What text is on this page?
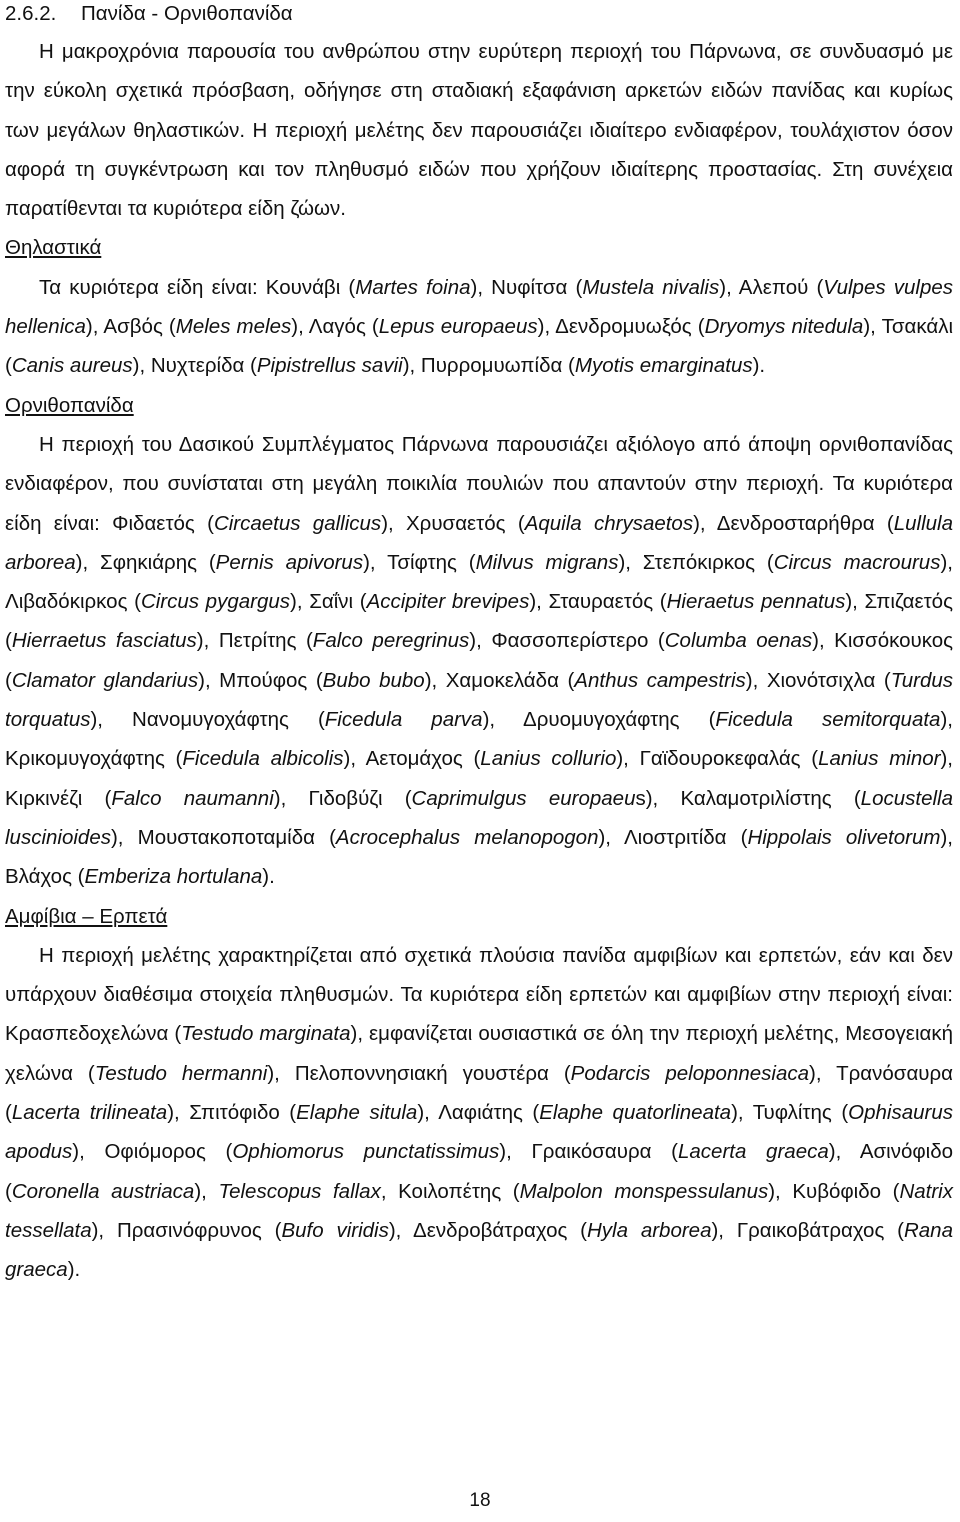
2.6.2. Πανίδα - Ορνιθοπανίδα

Η μακροχρόνια παρουσία του ανθρώπου στην ευρύτερη περιοχή του Πάρνωνα, σε συνδυασμό με την εύκολη σχετικά πρόσβαση, οδήγησε στη σταδιακή εξαφάνιση αρκετών ειδών πανίδας και κυρίως των μεγάλων θηλαστικών. Η περιοχή μελέτης δεν παρουσιάζει ιδιαίτερο ενδιαφέρον, τουλάχιστον όσον αφορά τη συγκέντρωση και τον πληθυσμό ειδών που χρήζουν ιδιαίτερης προστασίας. Στη συνέχεια παρατίθενται τα κυριότερα είδη ζώων.

Θηλαστικά

Τα κυριότερα είδη είναι: Κουνάβι (Martes foina), Νυφίτσα (Mustela nivalis), Αλεπού (Vulpes vulpes hellenica), Ασβός (Meles meles), Λαγός (Lepus europaeus), Δενδρομυωξός (Dryomys nitedula), Τσακάλι (Canis aureus), Νυχτερίδα (Pipistrellus savii), Πυρρομυωπίδα (Myotis emarginatus).

Ορνιθοπανίδα

Η περιοχή του Δασικού Συμπλέγματος Πάρνωνα παρουσιάζει αξιόλογο από άποψη ορνιθοπανίδας ενδιαφέρον, που συνίσταται στη μεγάλη ποικιλία πουλιών που απαντούν στην περιοχή. Τα κυριότερα είδη είναι: Φιδαετός (Circaetus gallicus), Χρυσαετός (Aquila chrysaetos), Δενδροσταρήθρα (Lullula arborea), Σφηκιάρης (Pernis apivorus), Τσίφτης (Milvus migrans), Στεπόκιρκος (Circus macrourus), Λιβαδόκιρκος (Circus pygargus), Σαΐνι (Accipiter brevipes), Σταυραετός (Hieraetus pennatus), Σπιζαετός (Hierraetus fasciatus), Πετρίτης (Falco peregrinus), Φασσοπερίστερο (Columba oenas), Κισσόκουκος (Clamator glandarius), Μπούφος (Bubo bubo), Χαμοκελάδα (Anthus campestris), Χιονότσιχλα (Turdus torquatus), Νανομυγοχάφτης (Ficedula parva), Δρυομυγοχάφτης (Ficedula semitorquata), Κρικομυγοχάφτης (Ficedula albicolis), Αετομάχος (Lanius collurio), Γαϊδουροκεφαλάς (Lanius minor), Κιρκινέζι (Falco naumanni), Γιδοβύζι (Caprimulgus europaeus), Καλαμοτριλίστης (Locustella luscinioides), Μουστακοποταμίδα (Acrocephalus melanopogon), Λιοστριτίδα (Hippolais olivetorum), Βλάχος (Emberiza hortulana).

Αμφίβια – Ερπετά

Η περιοχή μελέτης χαρακτηρίζεται από σχετικά πλούσια πανίδα αμφιβίων και ερπετών, εάν και δεν υπάρχουν διαθέσιμα στοιχεία πληθυσμών. Τα κυριότερα είδη ερπετών και αμφιβίων στην περιοχή είναι: Κρασπεδοχελώνα (Testudo marginata), εμφανίζεται ουσιαστικά σε όλη την περιοχή μελέτης, Μεσογειακή χελώνα (Testudo hermanni), Πελοποννησιακή γουστέρα (Podarcis peloponnesiaca), Τρανόσαυρα (Lacerta trilineata), Σπιτόφιδο (Elaphe situla), Λαφιάτης (Elaphe quatorlineata), Τυφλίτης (Ophisaurus apodus), Οφιόμορος (Ophiomorus punctatissimus), Γραικόσαυρα (Lacerta graeca), Ασινόφιδο (Coronella austriaca), Telescopus fallax, Κοιλοπέτης (Malpolon monspessulanus), Κυβόφιδο (Natrix tessellata), Πρασινόφρυνος (Bufo viridis), Δενδροβάτραχος (Hyla arborea), Γραικοβάτραχος (Rana graeca).

18
